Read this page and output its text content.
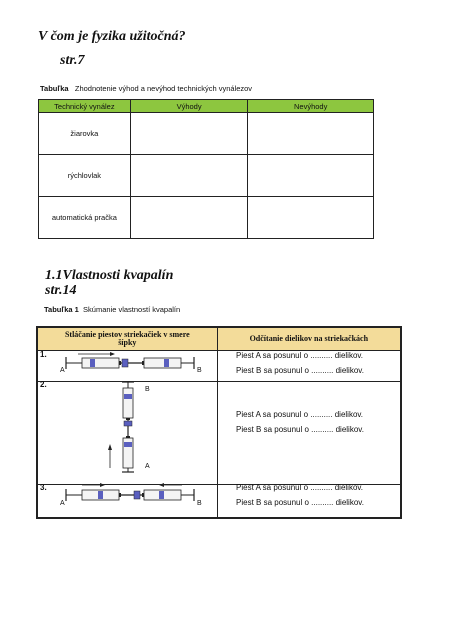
V čom je fyzika užitočná?
str.7
Tabuľka Zhodnotenie výhod a nevýhod technických vynálezov
Technický vynález	Výhody	Nevýhody
žiarovka		
rýchlovlak		
automatická pračka		
1.1Vlastnosti kvapalín
str.14
Tabuľka 1 Skúmanie vlastností kvapalín
Stláčanie piestov striekačiek v smere šípky	Odčítanie dielikov na striekačkách

1.
A	B
Piest A sa posunul o .......... dielikov.
Piest B sa posunul o .......... dielikov.
2.
B
A
Piest A sa posunul o .......... dielikov.
Piest B sa posunul o .......... dielikov.
3.
A	B
Piest A sa posunul o .......... dielikov.
Piest B sa posunul o .......... dielikov.
